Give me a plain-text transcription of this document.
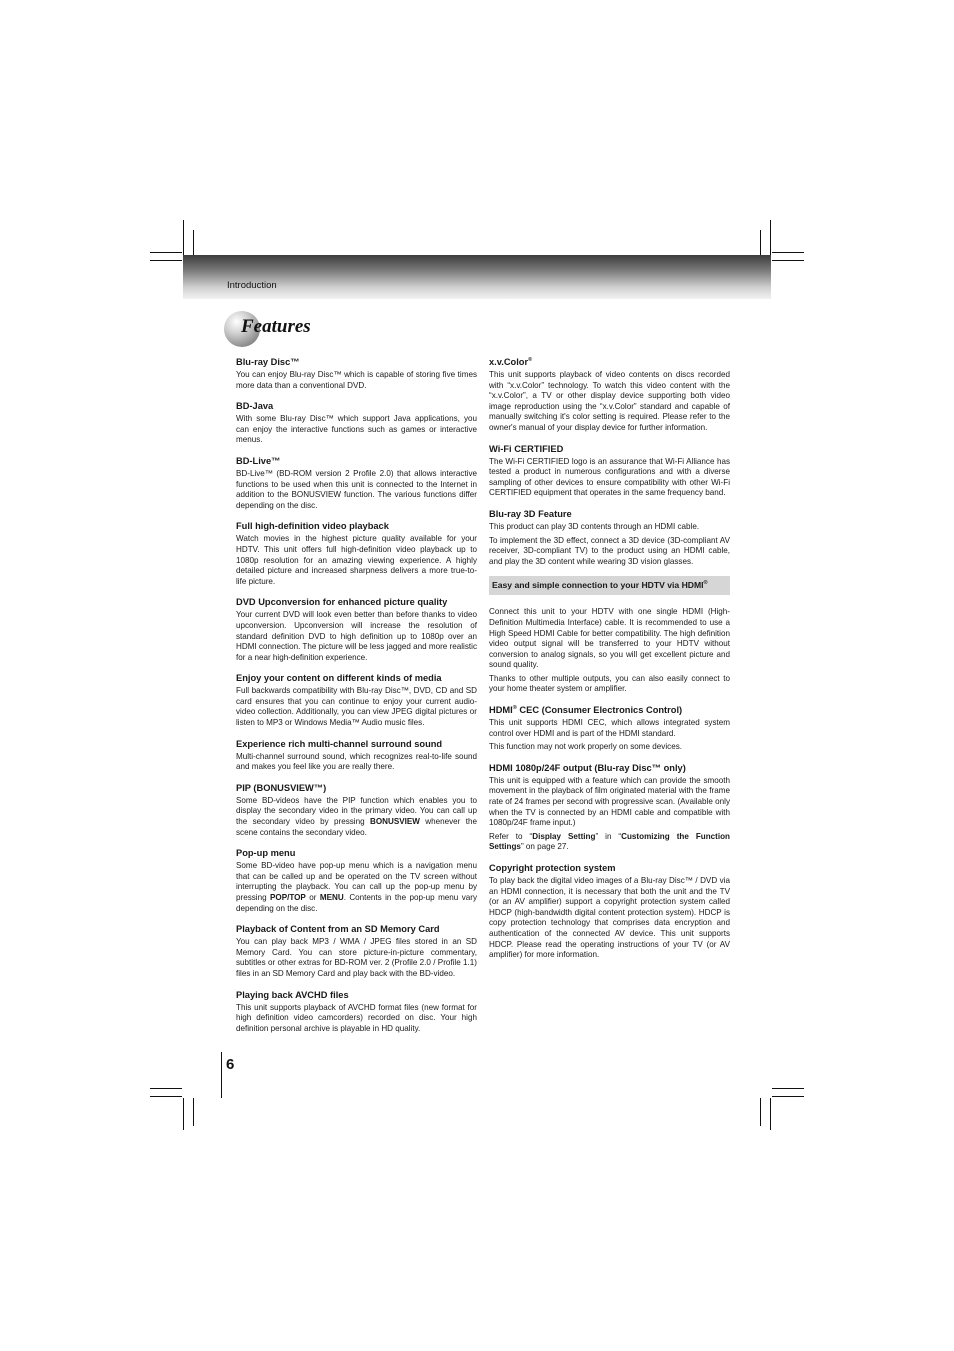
Introduction
Features
Blu-ray Disc™

You can enjoy Blu-ray Disc™ which is capable of storing five times more data than a conventional DVD.

BD-Java

With some Blu-ray Disc™ which support Java applications, you can enjoy the interactive functions such as games or interactive menus.

BD-Live™

BD-Live™ (BD-ROM version 2 Profile 2.0) that allows interactive functions to be used when this unit is connected to the Internet in addition to the BONUSVIEW function. The various functions differ depending on the disc.

Full high-definition video playback

Watch movies in the highest picture quality available for your HDTV. This unit offers full high-definition video playback up to 1080p resolution for an amazing viewing experience. A highly detailed picture and increased sharpness delivers a more true-to-life picture.

DVD Upconversion for enhanced picture quality

Your current DVD will look even better than before thanks to video upconversion. Upconversion will increase the resolution of standard definition DVD to high definition up to 1080p over an HDMI connection. The picture will be less jagged and more realistic for a near high-definition experience.

Enjoy your content on different kinds of media

Full backwards compatibility with Blu-ray Disc™, DVD, CD and SD card ensures that you can continue to enjoy your current audio-video collection. Additionally, you can view JPEG digital pictures or listen to MP3 or Windows Media™ Audio music files.

Experience rich multi-channel surround sound

Multi-channel surround sound, which recognizes real-to-life sound and makes you feel like you are really there.

PIP (BONUSVIEW™)

Some BD-videos have the PIP function which enables you to display the secondary video in the primary video. You can call up the secondary video by pressing BONUSVIEW whenever the scene contains the secondary video.

Pop-up menu

Some BD-video have pop-up menu which is a navigation menu that can be called up and be operated on the TV screen without interrupting the playback. You can call up the pop-up menu by pressing POP/TOP or MENU. Contents in the pop-up menu vary depending on the disc.

Playback of Content from an SD Memory Card

You can play back MP3 / WMA / JPEG files stored in an SD Memory Card. You can store picture-in-picture commentary, subtitles or other extras for BD-ROM ver. 2 (Profile 2.0 / Profile 1.1) files in an SD Memory Card and play back with the BD-video.

Playing back AVCHD files

This unit supports playback of AVCHD format files (new format for high definition video camcorders) recorded on disc. Your high definition personal archive is playable in HD quality.

x.v.Color®

This unit supports playback of video contents on discs recorded with “x.v.Color” technology. To watch this video content with the “x.v.Color”, a TV or other display device supporting both video image reproduction using the “x.v.Color” standard and capable of manually switching it's color setting is required. Please refer to the owner's manual of your display device for further information.

Wi-Fi CERTIFIED

The Wi-Fi CERTIFIED logo is an assurance that Wi-Fi Alliance has tested a product in numerous configurations and with a diverse sampling of other devices to ensure compatibility with other Wi-Fi CERTIFIED equipment that operates in the same frequency band.

Blu-ray 3D Feature

This product can play 3D contents through an HDMI cable.

To implement the 3D effect, connect a 3D device (3D-compliant AV receiver, 3D-compliant TV) to the product using an HDMI cable, and play the 3D content while wearing 3D vision glasses.

Easy and simple connection to your HDTV via HDMI®

Connect this unit to your HDTV with one single HDMI (High-Definition Multimedia Interface) cable. It is recommended to use a High Speed HDMI Cable for better compatibility. The high definition video output signal will be transferred to your HDTV without conversion to analog signals, so you will get excellent picture and sound quality.

Thanks to other multiple outputs, you can also easily connect to your home theater system or amplifier.

HDMI® CEC (Consumer Electronics Control)

This unit supports HDMI CEC, which allows integrated system control over HDMI and is part of the HDMI standard.

This function may not work properly on some devices.

HDMI 1080p/24F output (Blu-ray Disc™ only)

This unit is equipped with a feature which can provide the smooth movement in the playback of film originated material with the frame rate of 24 frames per second with progressive scan. (Available only when the TV is connected by an HDMI cable and compatible with 1080p/24F frame input.)

Refer to “Display Setting” in “Customizing the Function Settings” on page 27.

Copyright protection system

To play back the digital video images of a Blu-ray Disc™ / DVD via an HDMI connection, it is necessary that both the unit and the TV (or an AV amplifier) support a copyright protection system called HDCP (high-bandwidth digital content protection system). HDCP is copy protection technology that comprises data encryption and authentication of the connected AV device. This unit supports HDCP. Please read the operating instructions of your TV (or AV amplifier) for more information.

6
